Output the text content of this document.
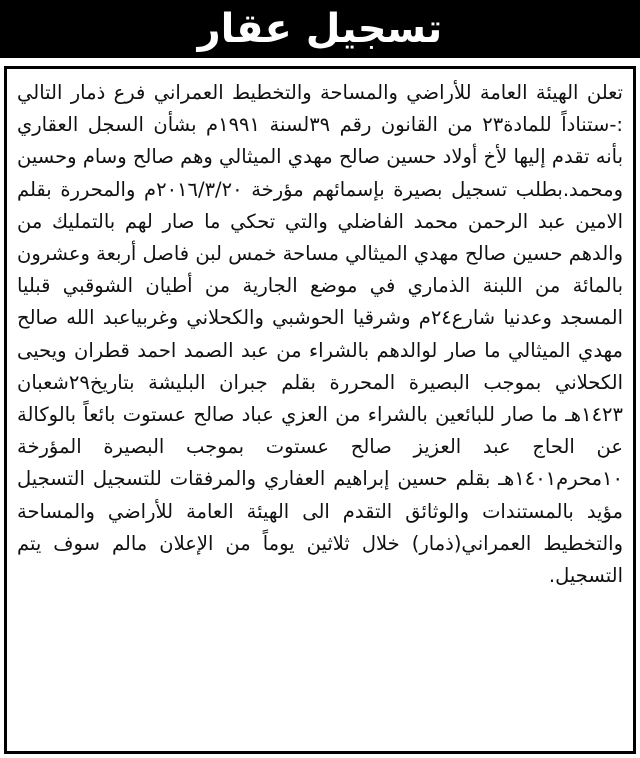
تسجيل عقار

تعلن الهيئة العامة للأراضي والمساحة والتخطيط العمراني فرع ذمار التالي :-ستناداً للمادة٢٣ من القانون رقم ٣٩لسنة ١٩٩١م بشأن السجل العقاري بأنه تقدم إليها لأخ أولاد حسين صالح مهدي الميثالي وهم صالح وسام وحسين ومحمد.بطلب تسجيل بصيرة بإسمائهم مؤرخة ٢٠١٦/٣/٢٠م والمحررة بقلم الامين عبد الرحمن محمد الفاضلي والتي تحكي ما صار لهم بالتمليك من والدهم حسين صالح مهدي الميثالي مساحة خمس لبن فاصل أربعة وعشرون بالمائة من اللبنة الذماري في موضع الجارية من أطيان الشوقبي قبليا المسجد وعدنيا شارع٢٤م وشرقيا الحوشبي والكحلاني وغربياعبد الله صالح مهدي الميثالي ما صار لوالدهم بالشراء من عبد الصمد احمد قطران ويحيى الكحلاني بموجب البصيرة المحررة بقلم جبران البليشة بتاريخ٢٩شعبان ١٤٢٣هـ ما صار للبائعين بالشراء من العزي عباد صالح عستوت بائعاً بالوكالة عن الحاج عبد العزيز صالح عستوت بموجب البصيرة المؤرخة ١٠محرم١٤٠١هـ بقلم حسين إبراهيم العفاري والمرفقات للتسجيل التسجيل مؤيد بالمستندات والوثائق التقدم الى الهيئة العامة للأراضي والمساحة والتخطيط العمراني(ذمار) خلال ثلاثين يوماً من الإعلان مالم سوف يتم التسجيل.
